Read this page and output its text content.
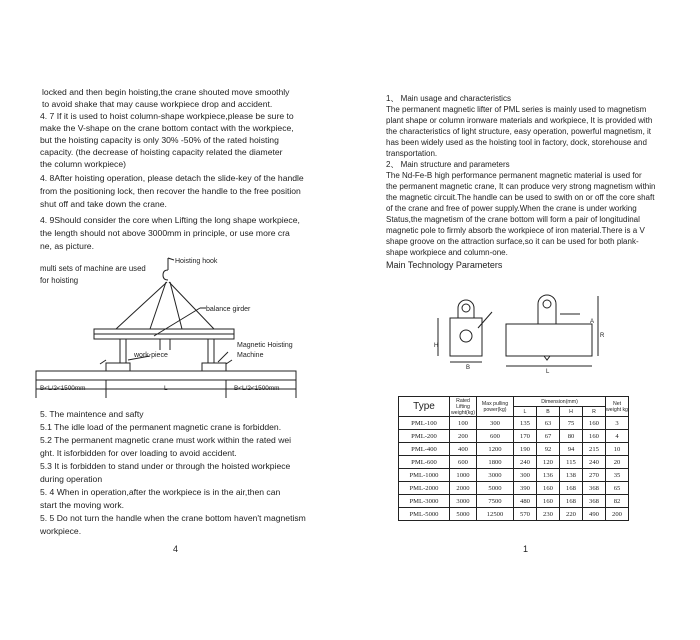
locked and then begin hoisting,the crane shouted move smoothly
to avoid shake that may cause workpiece drop and accident.
4. 7 If it is used to hoist column-shape workpiece,please be sure to
make the V-shape on the crane bottom contact with the workpiece,
but the hoisting capacity is only 30% -50% of the rated hoisting
capacity. (the decrease of hoisting capacity related the diameter
the column workpiece)
4. 8After hoisting operation, please detach the slide-key of the handle
from the positioning lock, then recover the handle to the free position
shut off and take down the crane.
4. 9Should consider the core when Lifting the long shape workpiece,
the length should not above 3000mm in principle, or use more cra
ne, as picture.
Hoisting hook
multi sets of machine are used
for hoisting
balance girder
work-piece
Magnetic Hoisting
Machine
B<L/2<1500mm	L	B<L/2<1500mm
5. The maintence and safty
5.1 The idle load of the permanent magnetic crane is forbidden.
5.2 The permanent magnetic crane must work within the rated wei
ght. It isforbidden for over loading to avoid accident.
5.3 It is forbidden to stand under or through the hoisted workpiece
during operation
5. 4 When in operation,after the workpiece is in the air,then can
start the moving work.
5. 5 Do not turn the handle when the crane bottom haven't magnetism
workpiece.
4
1、 Main usage and characteristics
The permanent magnetic lifter of PML series is mainly used to magnetism
plant shape or column ironware materials and workpiece, It is provided with
the characteristics of light structure, easy operation, powerful magnetism, it
has been widely used as the hoisting tool in factory, dock, storehouse and
transportation.
2、 Main structure and parameters
The Nd-Fe-B high performance permanent magnetic material is used for
the permanent magnetic crane, It can produce very strong magnetism within
the magnetic circuit.The handle can be used to swith on or off the core shaft
of the crane and free of power supply.When the crane is under working
Status,the magnetism of the crane bottom will form a pair of longitudinal
magnetic pole to firmly absorb the workpiece of iron material.There is a V
shape groove on the attraction surface,so it can be used for both plank-
shape workpiece and column-one.
Main Technology Parameters
H
B
A
R
L
Type	Rated Lifting weight(kg)	Max pulling power(kg)	Dimension(mm)				Net weight kg
			L	B	H	R	
PML-100	100	300	135	63	75	160	3
PML-200	200	600	170	67	80	160	4
PML-400	400	1200	190	92	94	215	10
PML-600	600	1800	240	120	115	240	20
PML-1000	1000	3000	300	136	138	270	35
PML-2000	2000	5000	390	160	168	368	65
PML-3000	3000	7500	480	160	168	368	82
PML-5000	5000	12500	570	230	220	490	200
1
